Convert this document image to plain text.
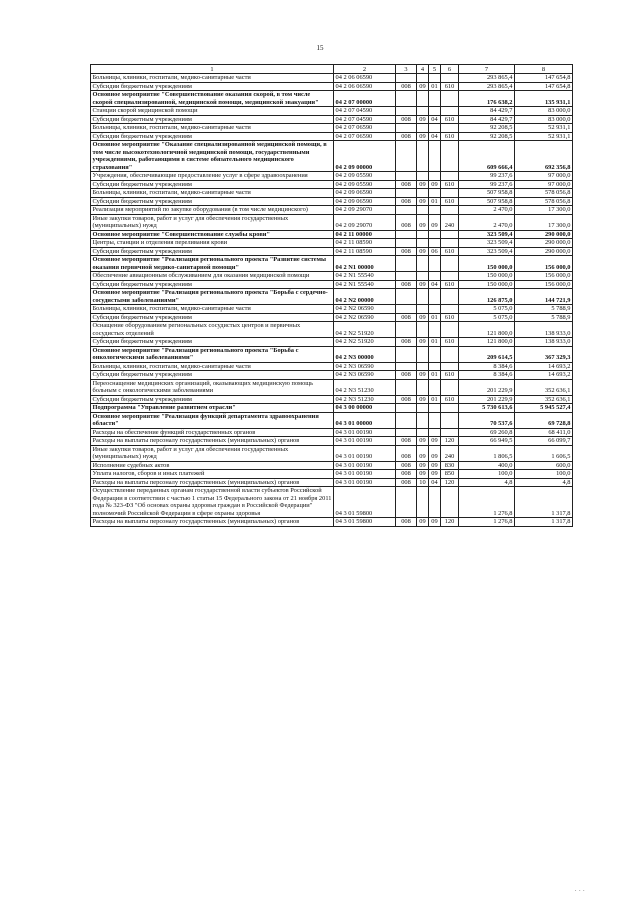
15
1	2	3	4	5	6	7	8
Больницы, клиники, госпитали, медико-санитарные части	04 2 06 06590					293 865,4	147 654,8
Субсидии бюджетным учреждениям	04 2 06 06590	008	09	01	610	293 865,4	147 654,8
Основное мероприятие "Совершенствование оказания скорой, в том числе скорой специализированной, медицинской помощи, медицинской эвакуации"	04 2 07 00000					176 638,2	135 931,1
Станции скорой медицинской помощи	04 2 07 04590					84 429,7	83 000,0
Субсидии бюджетным учреждениям	04 2 07 04590	008	09	04	610	84 429,7	83 000,0
Больницы, клиники, госпитали, медико-санитарные части	04 2 07 06590					92 208,5	52 931,1
Субсидии бюджетным учреждениям	04 2 07 06590	008	09	04	610	92 208,5	52 931,1
Основное мероприятие "Оказание специализированной медицинской помощи, в том числе высокотехнологичной медицинской помощи, государственными учреждениями, работающими в системе обязательного медицинского страхования"	04 2 09 00000					609 666,4	692 356,8
Учреждения, обеспечивающие предоставление услуг в сфере здравоохранения	04 2 09 05590					99 237,6	97 000,0
Субсидии бюджетным учреждениям	04 2 09 05590	008	09	09	610	99 237,6	97 000,0
Больницы, клиники, госпитали, медико-санитарные части	04 2 09 06590					507 958,8	578 056,8
Субсидии бюджетным учреждениям	04 2 09 06590	008	09	01	610	507 958,8	578 056,8
Реализация мероприятий по закупке оборудования (в том числе медицинского)	04 2 09 29070					2 470,0	17 300,0
Иные закупки товаров, работ и услуг для обеспечения государственных (муниципальных) нужд	04 2 09 29070	008	09	09	240	2 470,0	17 300,0
Основное мероприятие "Совершенствование службы крови"	04 2 11 00000					323 509,4	290 000,0
Центры, станции и отделения переливания крови	04 2 11 08590					323 509,4	290 000,0
Субсидии бюджетным учреждениям	04 2 11 08590	008	09	06	610	323 509,4	290 000,0
Основное мероприятие "Реализация регионального проекта "Развитие системы оказания первичной медико-санитарной помощи"	04 2 N1 00000					150 000,0	156 000,0
Обеспечение авиационным обслуживанием для оказания медицинской помощи	04 2 N1 55540					150 000,0	156 000,0
Субсидии бюджетным учреждениям	04 2 N1 55540	008	09	04	610	150 000,0	156 000,0
Основное мероприятие "Реализация регионального проекта "Борьба с сердечно-сосудистыми заболеваниями"	04 2 N2 00000					126 875,0	144 721,9
Больницы, клиники, госпитали, медико-санитарные части	04 2 N2 06590					5 075,0	5 788,9
Субсидии бюджетным учреждениям	04 2 N2 06590	008	09	01	610	5 075,0	5 788,9
Оснащение оборудованием региональных сосудистых центров и первичных сосудистых отделений	04 2 N2 51920					121 800,0	138 933,0
Субсидии бюджетным учреждениям	04 2 N2 51920	008	09	01	610	121 800,0	138 933,0
Основное мероприятие "Реализация регионального проекта "Борьба с онкологическими заболеваниями"	04 2 N3 00000					209 614,5	367 329,3
Больницы, клиники, госпитали, медико-санитарные части	04 2 N3 06590					8 384,6	14 693,2
Субсидии бюджетным учреждениям	04 2 N3 06590	008	09	01	610	8 384,6	14 693,2
Переоснащение медицинских организаций, оказывающих медицинскую помощь больным с онкологическими заболеваниями	04 2 N3 51230					201 229,9	352 636,1
Субсидии бюджетным учреждениям	04 2 N3 51230	008	09	01	610	201 229,9	352 636,1
Подпрограмма "Управление развитием отрасли"	04 3 00 00000					5 730 613,6	5 945 527,4
Основное мероприятие "Реализация функций департамента здравоохранения области"	04 3 01 00000					70 537,6	69 728,8
Расходы на обеспечение функций государственных органов	04 3 01 00190					69 260,8	68 411,0
Расходы на выплаты персоналу государственных (муниципальных) органов	04 3 01 00190	008	09	09	120	66 949,5	66 099,7
Иные закупки товаров, работ и услуг для обеспечения государственных (муниципальных) нужд	04 3 01 00190	008	09	09	240	1 806,5	1 606,5
Исполнение судебных актов	04 3 01 00190	008	09	09	830	400,0	600,0
Уплата налогов, сборов и иных платежей	04 3 01 00190	008	09	09	850	100,0	100,0
Расходы на выплаты персоналу государственных (муниципальных) органов	04 3 01 00190	008	10	04	120	4,8	4,8
Осуществление переданных органам государственной власти субъектов Российской Федерации в соответствии с частью 1 статьи 15 Федерального закона от 21 ноября 2011 года № 323-ФЗ "Об основах охраны здоровья граждан в Российской Федерации" полномочий Российской Федерации в сфере охраны здоровья	04 3 01 59800					1 276,8	1 317,8
Расходы на выплаты персоналу государственных (муниципальных) органов	04 3 01 59800	008	09	09	120	1 276,8	1 317,8
· · ·
